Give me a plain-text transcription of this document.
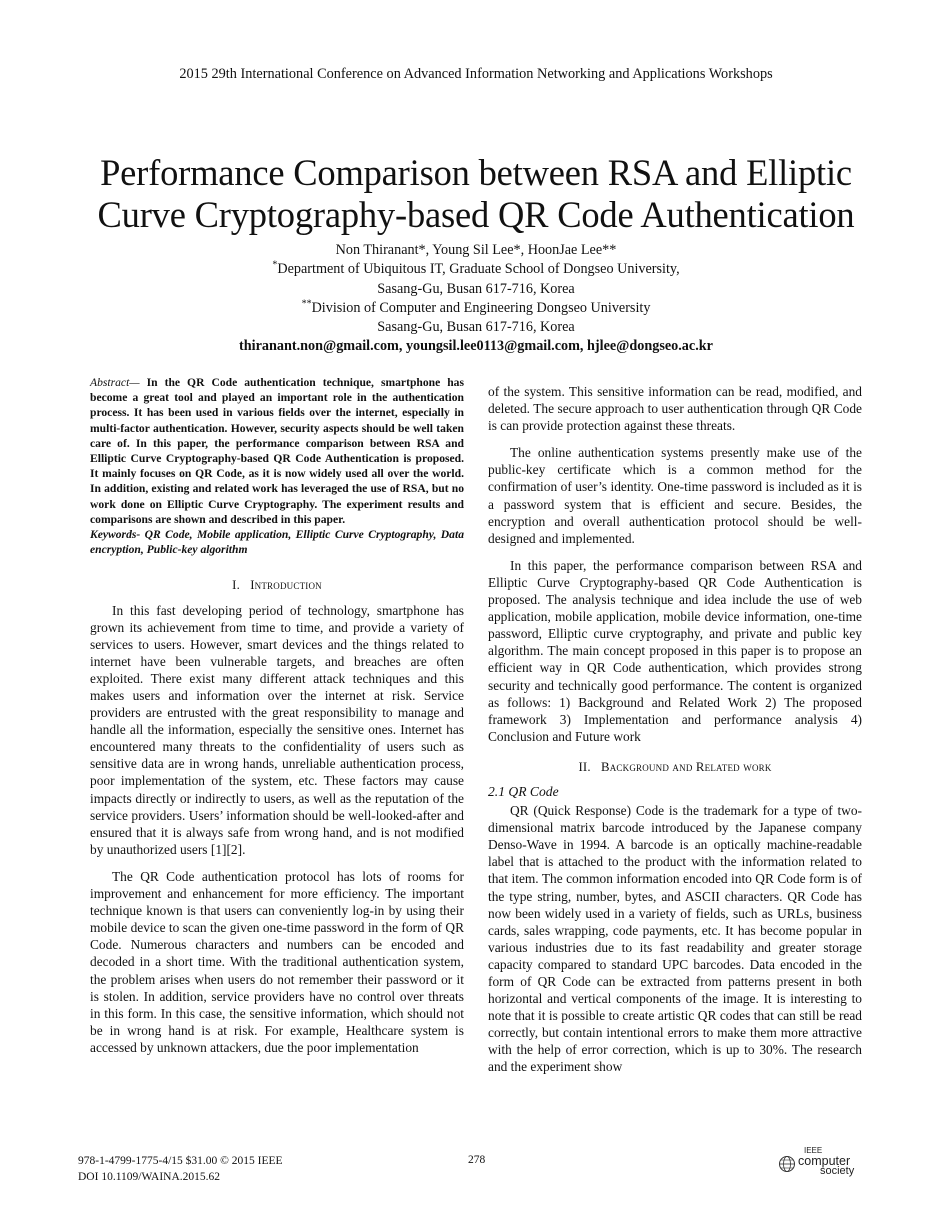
2015 29th International Conference on Advanced Information Networking and Applications Workshops
Performance Comparison between RSA and Elliptic
Curve Cryptography-based QR Code Authentication
Non Thiranant*, Young Sil Lee*, HoonJae Lee**
*Department of Ubiquitous IT, Graduate School of Dongseo University,
Sasang-Gu, Busan 617-716, Korea
**Division of Computer and Engineering Dongseo University
Sasang-Gu, Busan 617-716, Korea
thiranant.non@gmail.com, youngsil.lee0113@gmail.com, hjlee@dongseo.ac.kr

Abstract— In the QR Code authentication technique, smartphone has become a great tool and played an important role in the authentication process. It has been used in various fields over the internet, especially in multi-factor authentication. However, security aspects should be well taken care of. In this paper, the performance comparison between RSA and Elliptic Curve Cryptography-based QR Code Authentication is proposed. It mainly focuses on QR Code, as it is now widely used all over the world. In addition, existing and related work has leveraged the use of RSA, but no work done on Elliptic Curve Cryptography. The experiment results and comparisons are shown and described in this paper.

Keywords- QR Code, Mobile application, Elliptic Curve Cryptography, Data encryption, Public-key algorithm

I. Introduction

In this fast developing period of technology, smartphone has grown its achievement from time to time, and provide a variety of services to users. However, smart devices and the things related to internet have been vulnerable targets, and breaches are often exploited. There exist many different attack techniques and this makes users and information over the internet at risk. Service providers are entrusted with the great responsibility to manage and handle all the information, especially the sensitive ones. Internet has encountered many threats to the confidentiality of users such as sensitive data are in wrong hands, unreliable authentication process, poor implementation of the system, etc. These factors may cause impacts directly or indirectly to users, as well as the reputation of the service providers. Users’ information should be well-looked-after and ensured that it is always safe from wrong hand, and is not modified by unauthorized users [1][2].

The QR Code authentication protocol has lots of rooms for improvement and enhancement for more efficiency. The important technique known is that users can conveniently log-in by using their mobile device to scan the given one-time password in the form of QR Code. Numerous characters and numbers can be encoded and decoded in a short time. With the traditional authentication system, the problem arises when users do not remember their password or it is stolen. In addition, service providers have no control over threats in this form. In this case, the sensitive information, which should not be in wrong hand is at risk. For example, Healthcare system is accessed by unknown attackers, due the poor implementation

of the system. This sensitive information can be read, modified, and deleted. The secure approach to user authentication through QR Code is can provide protection against these threats.

The online authentication systems presently make use of the public-key certificate which is a common method for the confirmation of user’s identity. One-time password is included as it is a password system that is efficient and secure. Besides, the encryption and overall authentication protocol should be well-designed and implemented.

In this paper, the performance comparison between RSA and Elliptic Curve Cryptography-based QR Code Authentication is proposed. The analysis technique and idea include the use of web application, mobile application, mobile device information, one-time password, Elliptic curve cryptography, and private and public key algorithm. The main concept proposed in this paper is to propose an efficient way in QR Code authentication, which provides strong security and technically good performance. The content is organized as follows: 1) Background and Related Work 2) The proposed framework 3) Implementation and performance analysis 4) Conclusion and Future work

II. Background and Related work
2.1 QR Code

QR (Quick Response) Code is the trademark for a type of two-dimensional matrix barcode introduced by the Japanese company Denso-Wave in 1994. A barcode is an optically machine-readable label that is attached to the product with the information related to that item. The common information encoded into QR Code form is of the type string, number, bytes, and ASCII characters. QR Code has now been widely used in a variety of fields, such as URLs, business cards, sales wrapping, code payments, etc. It has become popular in various industries due to its fast readability and greater storage capacity compared to standard UPC barcodes. Data encoded in the form of QR Code can be extracted from patterns present in both horizontal and vertical components of the image. It is interesting to note that it is possible to create artistic QR codes that can still be read correctly, but contain intentional errors to make them more attractive with the help of error correction, which is up to 30%. The research and the experiment show

978-1-4799-1775-4/15 $31.00 © 2015 IEEE
DOI 10.1109/WAINA.2015.62
278
IEEE
computer
society
